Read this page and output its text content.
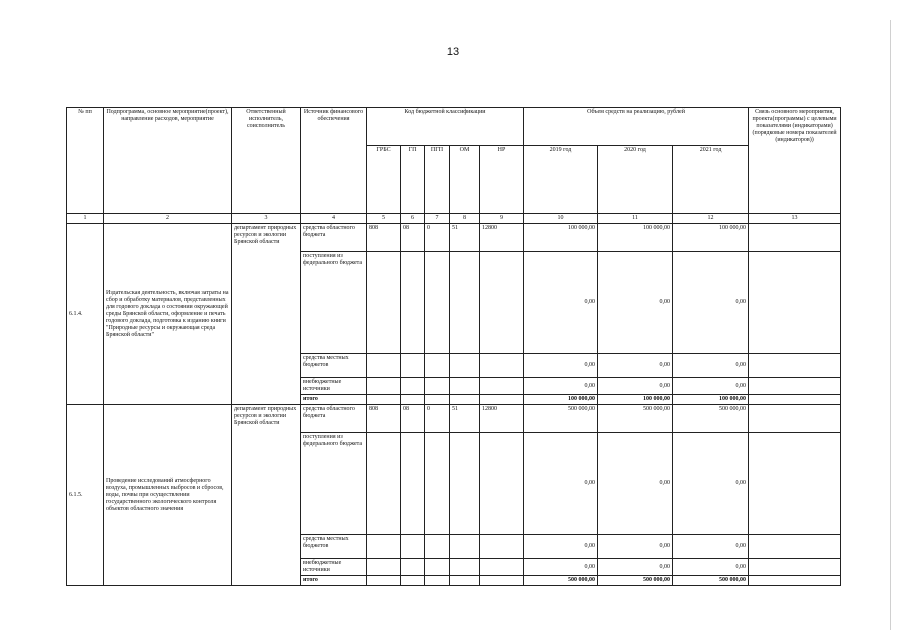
13
№ пп	Подпрограмма, основное мероприятие(проект), направление расходов, мероприятие	Ответственный исполнитель, соисполнитель	Источник финансового обеспечения	Код бюджетной классификации					Объем средств на реализацию, рублей			Связь основного мероприятия, проекта(программы) с целевыми показателями (индикаторами) (порядковые номера показателей (индикаторов))
				ГРБС	ГП	ПГП	ОМ	НР	2019 год	2020 год	2021 год	
1	2	3	4	5	6	7	8	9	10	11	12	13
6.1.4.	Издательская деятельность, включая затраты на сбор и обработку материалов, представленных для годового доклада о состоянии окружающей среды Брянской области, оформление и печать годового доклада, подготовка к изданию книги "Природные ресурсы и окружающая среда Брянской области"	департамент природных ресурсов и экологии Брянской области	средства областного бюджета	808	08	0	51	12800	100 000,00	100 000,00	100 000,00	
			поступления из федерального бюджета						0,00	0,00	0,00	
			средства местных бюджетов						0,00	0,00	0,00	
			внебюджетные источники						0,00	0,00	0,00	
			итого						100 000,00	100 000,00	100 000,00	
6.1.5.	Проведение исследований атмосферного воздуха, промышленных выбросов и сбросов, воды, почвы при осуществлении государственного экологического контроля объектов областного значения	департамент природных ресурсов и экологии Брянской области	средства областного бюджета	808	08	0	51	12800	500 000,00	500 000,00	500 000,00	
			поступления из федерального бюджета						0,00	0,00	0,00	
			средства местных бюджетов						0,00	0,00	0,00	
			внебюджетные источники						0,00	0,00	0,00	
			итого						500 000,00	500 000,00	500 000,00	
